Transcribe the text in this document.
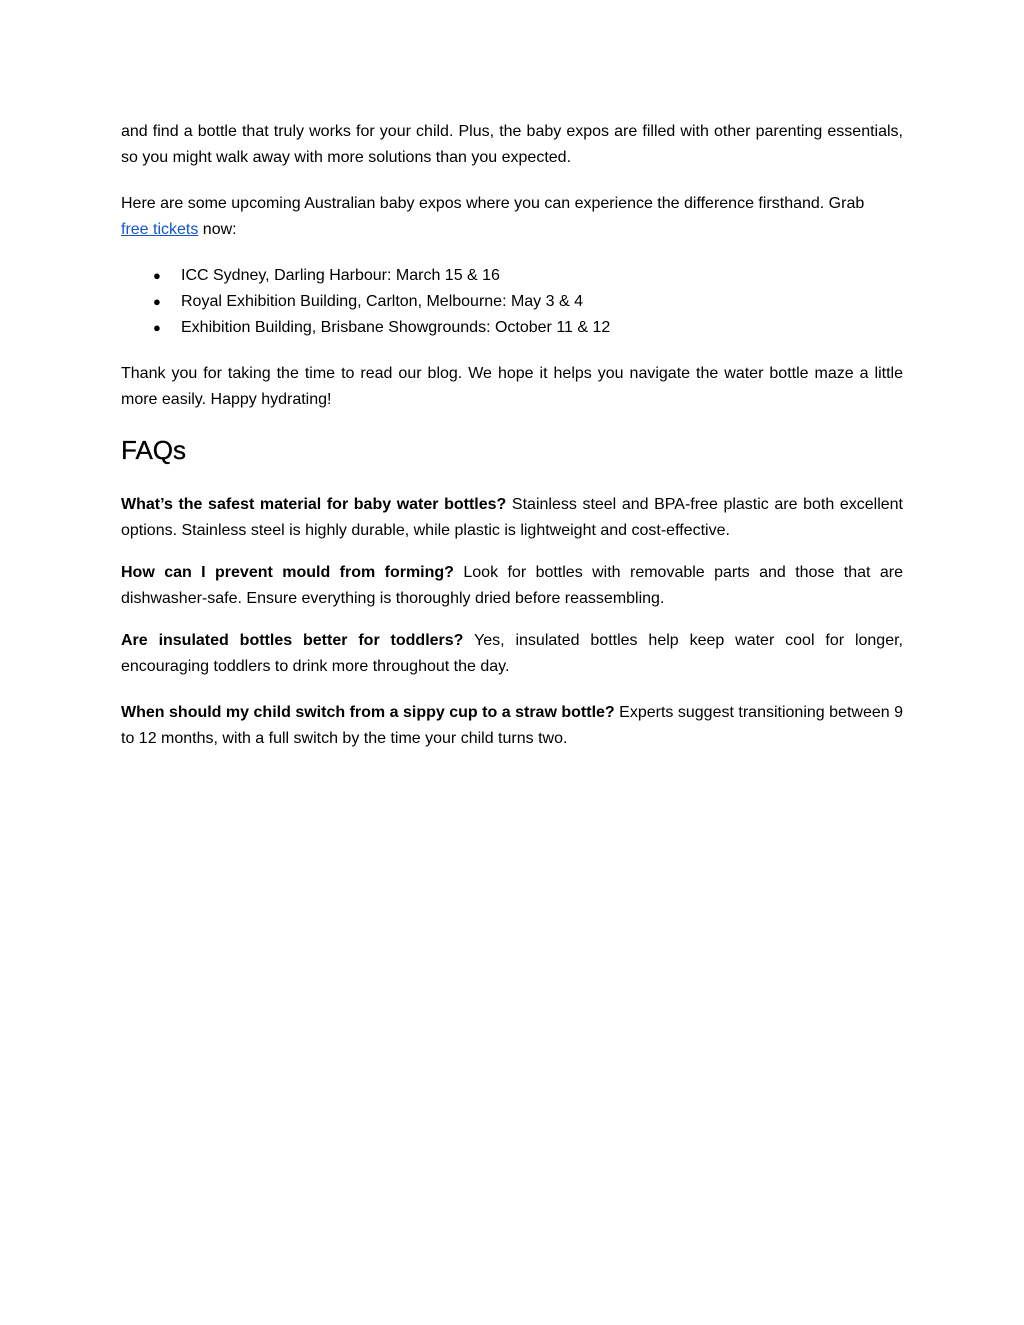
and find a bottle that truly works for your child. Plus, the baby expos are filled with other parenting essentials, so you might walk away with more solutions than you expected.

Here are some upcoming Australian baby expos where you can experience the difference firsthand. Grab
free tickets now:

● ICC Sydney, Darling Harbour: March 15 & 16
● Royal Exhibition Building, Carlton, Melbourne: May 3 & 4
● Exhibition Building, Brisbane Showgrounds: October 11 & 12

Thank you for taking the time to read our blog. We hope it helps you navigate the water bottle maze a little more easily. Happy hydrating!

FAQs

What’s the safest material for baby water bottles? Stainless steel and BPA-free plastic are both excellent options. Stainless steel is highly durable, while plastic is lightweight and cost-effective.

How can I prevent mould from forming? Look for bottles with removable parts and those that are dishwasher-safe. Ensure everything is thoroughly dried before reassembling.

Are insulated bottles better for toddlers? Yes, insulated bottles help keep water cool for longer, encouraging toddlers to drink more throughout the day.

When should my child switch from a sippy cup to a straw bottle? Experts suggest transitioning between 9 to 12 months, with a full switch by the time your child turns two.
